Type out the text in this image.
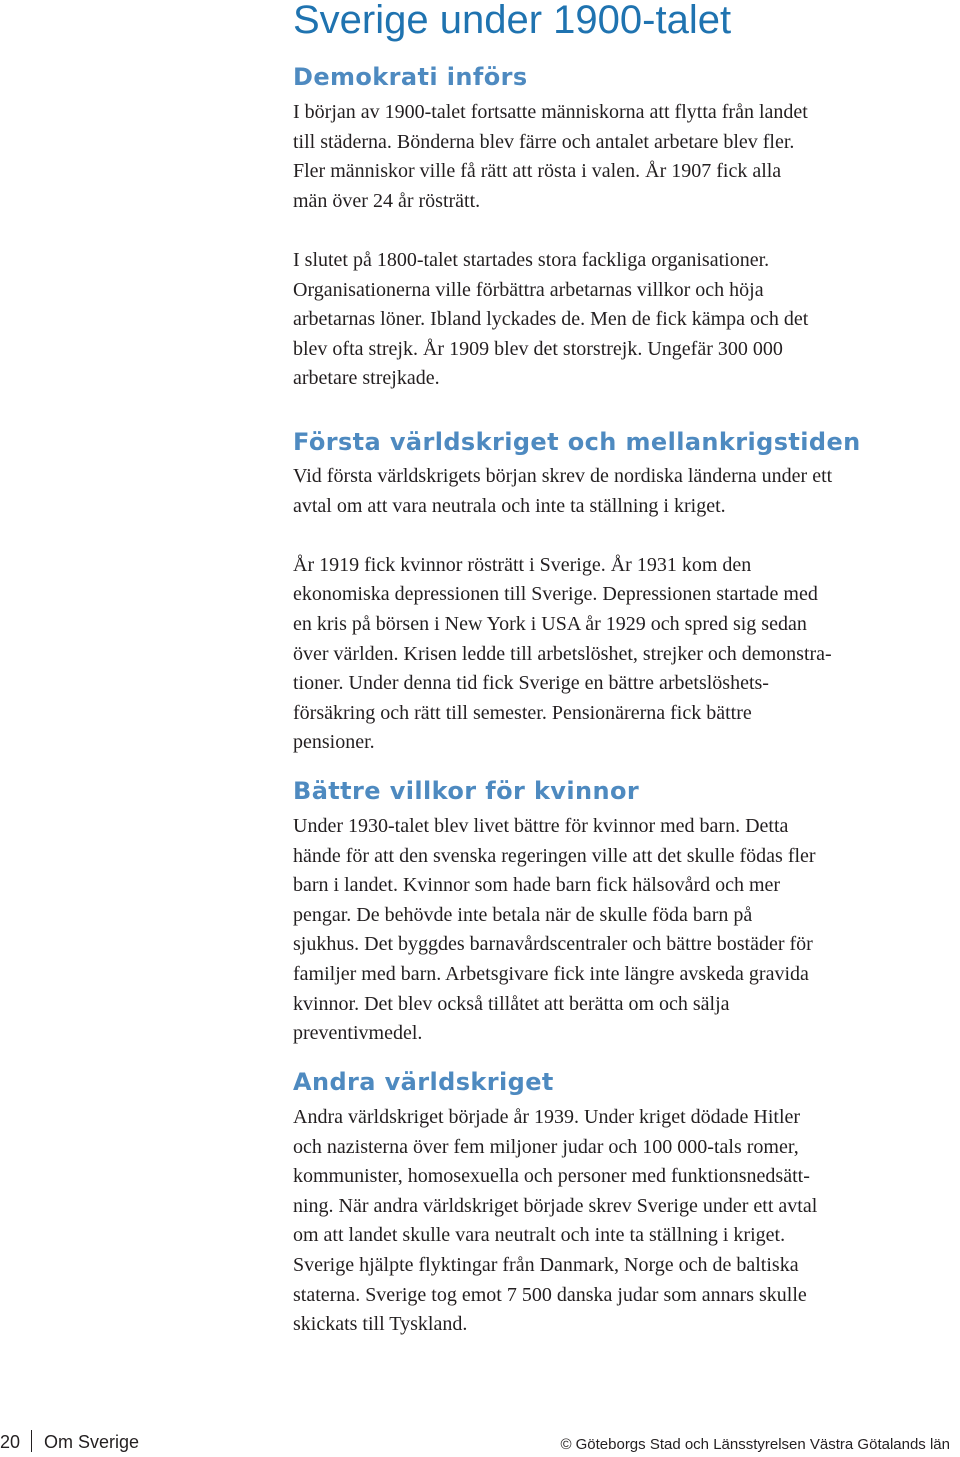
Sverige under 1900-talet
Demokrati införs
I början av 1900-talet fortsatte människorna att flytta från landet
till städerna. Bönderna blev färre och antalet arbetare blev fler.
Fler människor ville få rätt att rösta i valen. År 1907 fick alla
män över 24 år rösträtt.
I slutet på 1800-talet startades stora fackliga organisationer.
Organisationerna ville förbättra arbetarnas villkor och höja
arbetarnas löner. Ibland lyckades de. Men de fick kämpa och det
blev ofta strejk. År 1909 blev det storstrejk. Ungefär 300 000
arbetare strejkade.
Första världskriget och mellankrigstiden
Vid första världskrigets början skrev de nordiska länderna under ett
avtal om att vara neutrala och inte ta ställning i kriget.
År 1919 fick kvinnor rösträtt i Sverige. År 1931 kom den
ekonomiska depressionen till Sverige. Depressionen startade med
en kris på börsen i New York i USA år 1929 och spred sig sedan
över världen. Krisen ledde till arbetslöshet, strejker och demonstra-
tioner. Under denna tid fick Sverige en bättre arbetslöshets-
försäkring och rätt till semester. Pensionärerna fick bättre
pensioner.
Bättre villkor för kvinnor
Under 1930-talet blev livet bättre för kvinnor med barn. Detta
hände för att den svenska regeringen ville att det skulle födas fler
barn i landet. Kvinnor som hade barn fick hälsovård och mer
pengar. De behövde inte betala när de skulle föda barn på
sjukhus. Det byggdes barnavårdscentraler och bättre bostäder för
familjer med barn. Arbetsgivare fick inte längre avskeda gravida
kvinnor. Det blev också tillåtet att berätta om och sälja
preventivmedel.
Andra världskriget
Andra världskriget började år 1939. Under kriget dödade Hitler
och nazisterna över fem miljoner judar och 100 000-tals romer,
kommunister, homosexuella och personer med funktionsnedsätt-
ning. När andra världskriget började skrev Sverige under ett avtal
om att landet skulle vara neutralt och inte ta ställning i kriget.
Sverige hjälpte flyktingar från Danmark, Norge och de baltiska
staterna. Sverige tog emot 7 500 danska judar som annars skulle
skickats till Tyskland.
20 Om Sverige	© Göteborgs Stad och Länsstyrelsen Västra Götalands län
